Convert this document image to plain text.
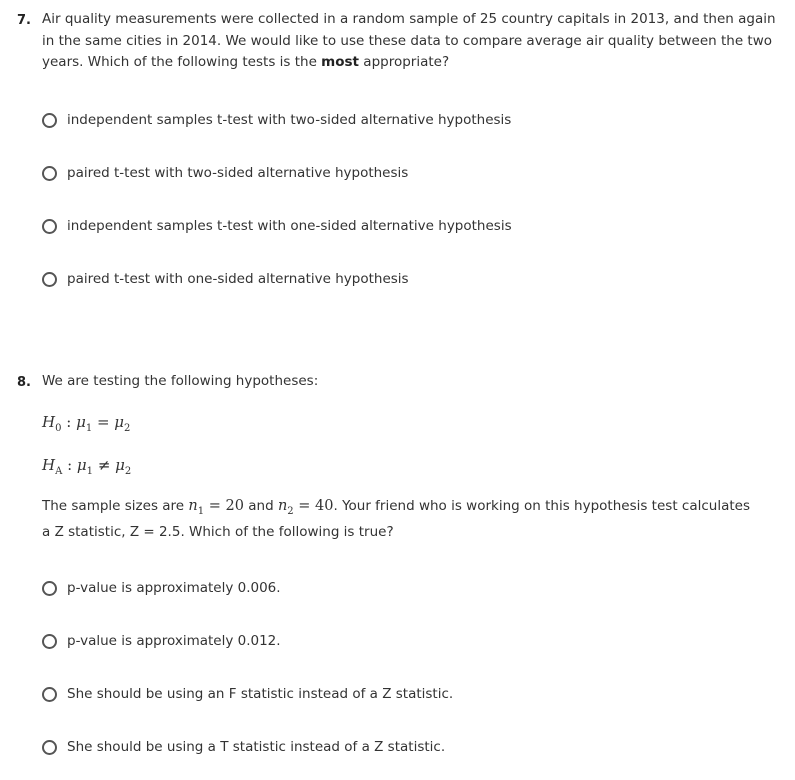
7. Air quality measurements were collected in a random sample of 25 country capitals in 2013, and then again in the same cities in 2014. We would like to use these data to compare average air quality between the two years. Which of the following tests is the most appropriate?
independent samples t-test with two-sided alternative hypothesis
paired t-test with two-sided alternative hypothesis
independent samples t-test with one-sided alternative hypothesis
paired t-test with one-sided alternative hypothesis
8. We are testing the following hypotheses:
$H_0$ : $\mu_1 = \mu_2$
$H_A$ : $\mu_1 \ne \mu_2$
The sample sizes are $n_1 = 20$ and $n_2 = 40$. Your friend who is working on this hypothesis test calculates a Z statistic, Z = 2.5. Which of the following is true?
p-value is approximately 0.006.
p-value is approximately 0.012.
She should be using an F statistic instead of a Z statistic.
She should be using a T statistic instead of a Z statistic.
